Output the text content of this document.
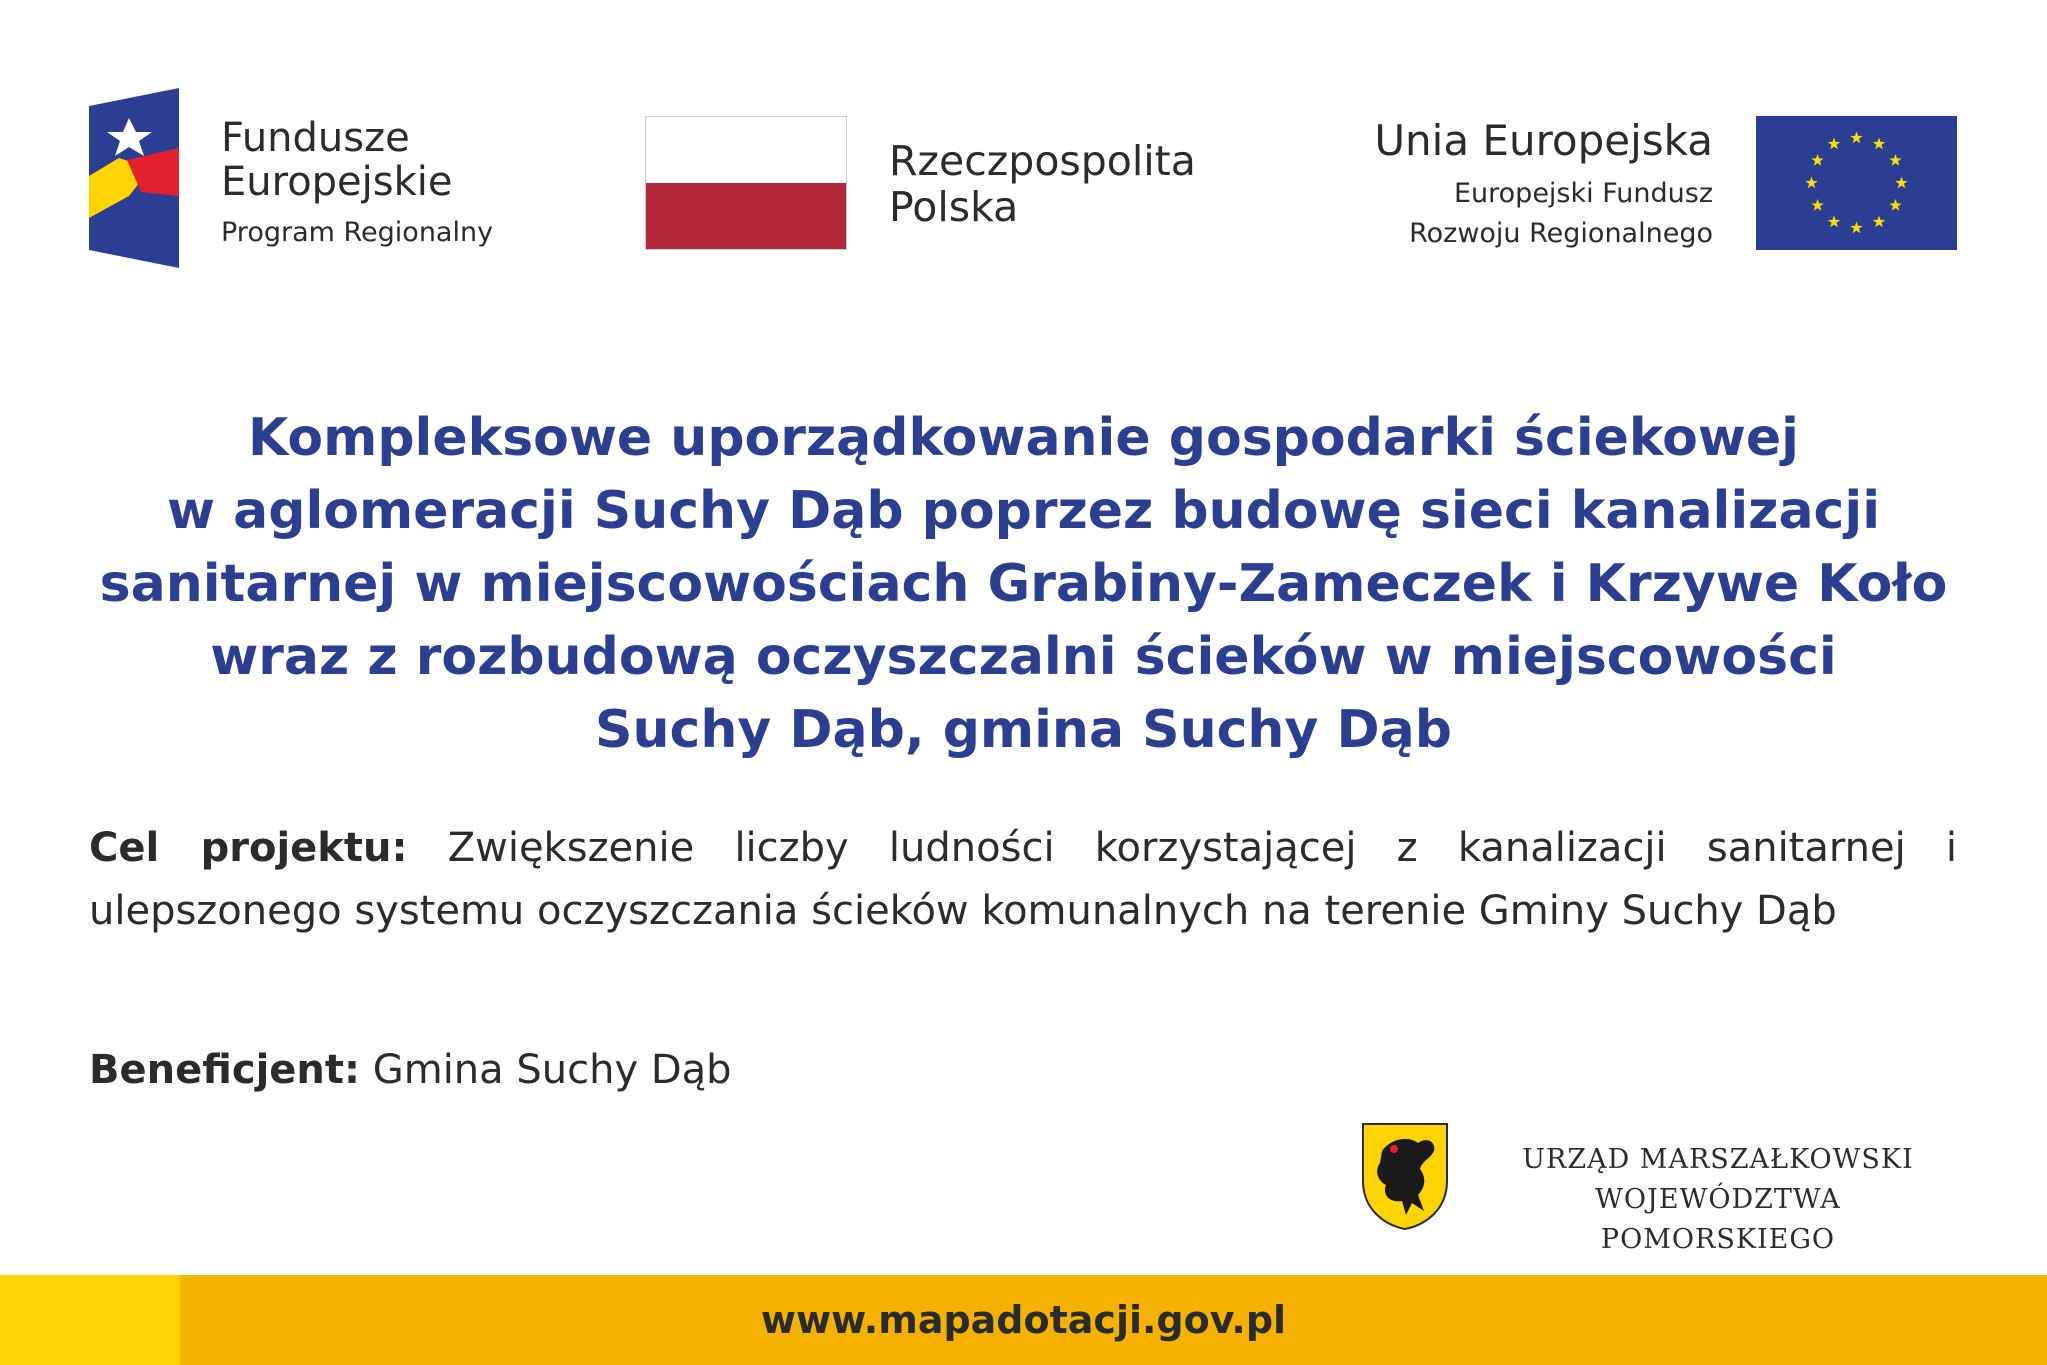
Fundusze
Europejskie
Program Regionalny
Rzeczpospolita
Polska
Unia Europejska
Europejski Fundusz
Rozwoju Regionalnego
Kompleksowe uporządkowanie gospodarki ściekowej
w aglomeracji Suchy Dąb poprzez budowę sieci kanalizacji
sanitarnej w miejscowościach Grabiny-Zameczek i Krzywe Koło
wraz z rozbudową oczyszczalni ścieków w miejscowości
Suchy Dąb, gmina Suchy Dąb
Cel projektu: Zwiększenie liczby ludności korzystającej z kanalizacji sanitarnej i ulepszonego systemu oczyszczania ścieków komunalnych na terenie Gminy Suchy Dąb
Beneficjent: Gmina Suchy Dąb
URZĄD MARSZAŁKOWSKI
WOJEWÓDZTWA POMORSKIEGO
www.mapadotacji.gov.pl
